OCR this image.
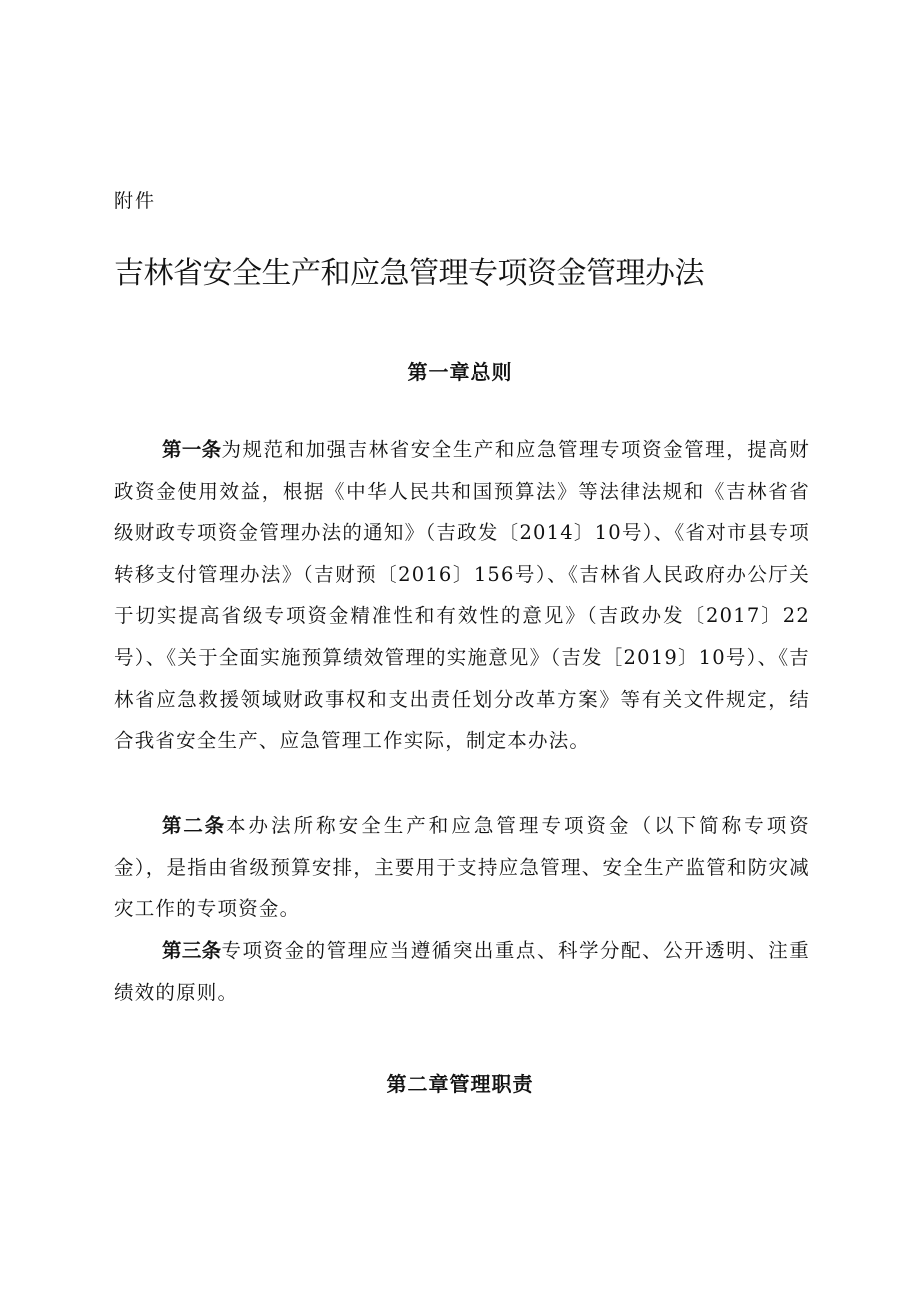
附件
吉林省安全生产和应急管理专项资金管理办法
第一章总则
第一条为规范和加强吉林省安全生产和应急管理专项资金管理，提高财政资金使用效益，根据《中华人民共和国预算法》等法律法规和《吉林省省级财政专项资金管理办法的通知》（吉政发〔2014〕10号）、《省对市县专项转移支付管理办法》（吉财预〔2016〕156号）、《吉林省人民政府办公厅关于切实提高省级专项资金精准性和有效性的意见》（吉政办发〔2017〕22号）、《关于全面实施预算绩效管理的实施意见》（吉发［2019〕10号）、《吉林省应急救援领域财政事权和支出责任划分改革方案》等有关文件规定，结合我省安全生产、应急管理工作实际，制定本办法。
第二条本办法所称安全生产和应急管理专项资金（以下简称专项资金），是指由省级预算安排，主要用于支持应急管理、安全生产监管和防灾减灾工作的专项资金。
第三条专项资金的管理应当遵循突出重点、科学分配、公开透明、注重绩效的原则。
第二章管理职责
